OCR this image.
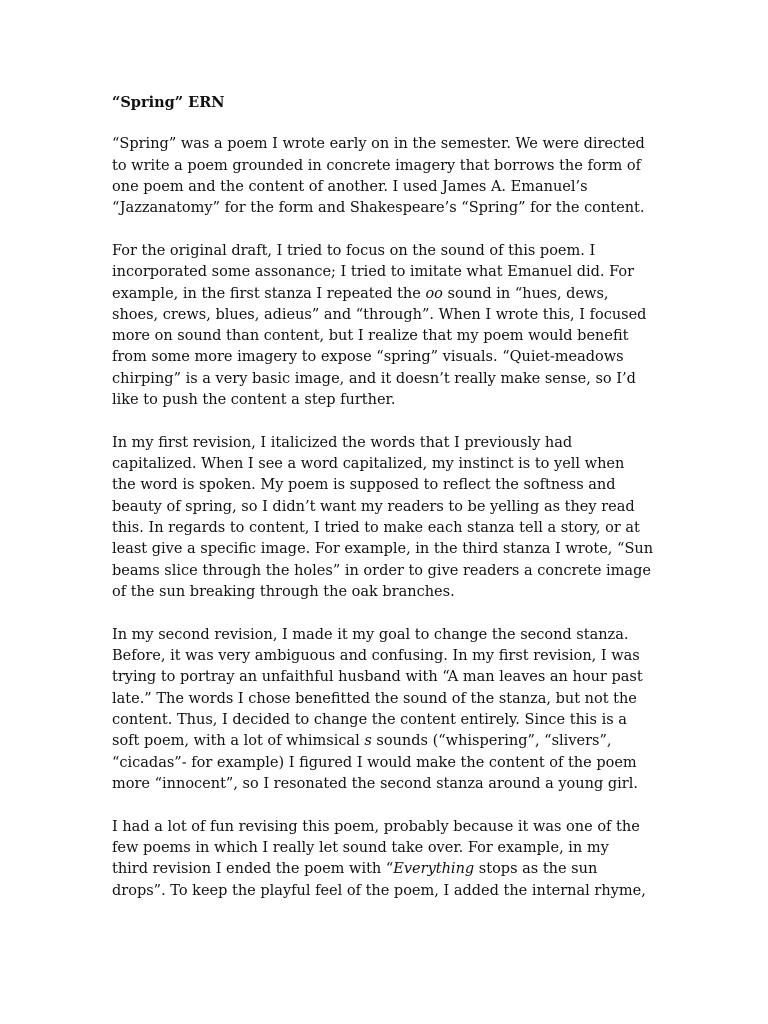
“Spring” ERN
“Spring” was a poem I wrote early on in the semester. We were directed
to write a poem grounded in concrete imagery that borrows the form of
one poem and the content of another. I used James A. Emanuel’s
“Jazzanatomy” for the form and Shakespeare’s “Spring” for the content.
For the original draft, I tried to focus on the sound of this poem. I
incorporated some assonance; I tried to imitate what Emanuel did. For
example, in the first stanza I repeated the oo sound in “hues, dews,
shoes, crews, blues, adieus” and “through”. When I wrote this, I focused
more on sound than content, but I realize that my poem would benefit
from some more imagery to expose “spring” visuals. “Quiet-meadows
chirping” is a very basic image, and it doesn’t really make sense, so I’d
like to push the content a step further.
In my first revision, I italicized the words that I previously had
capitalized. When I see a word capitalized, my instinct is to yell when
the word is spoken. My poem is supposed to reflect the softness and
beauty of spring, so I didn’t want my readers to be yelling as they read
this. In regards to content, I tried to make each stanza tell a story, or at
least give a specific image. For example, in the third stanza I wrote, “Sun
beams slice through the holes” in order to give readers a concrete image
of the sun breaking through the oak branches.
In my second revision, I made it my goal to change the second stanza.
Before, it was very ambiguous and confusing. In my first revision, I was
trying to portray an unfaithful husband with “A man leaves an hour past
late.” The words I chose benefitted the sound of the stanza, but not the
content. Thus, I decided to change the content entirely. Since this is a
soft poem, with a lot of whimsical s sounds (“whispering”, “slivers”,
“cicadas”- for example) I figured I would make the content of the poem
more “innocent”, so I resonated the second stanza around a young girl.
I had a lot of fun revising this poem, probably because it was one of the
few poems in which I really let sound take over. For example, in my
third revision I ended the poem with “Everything stops as the sun
drops”. To keep the playful feel of the poem, I added the internal rhyme,
